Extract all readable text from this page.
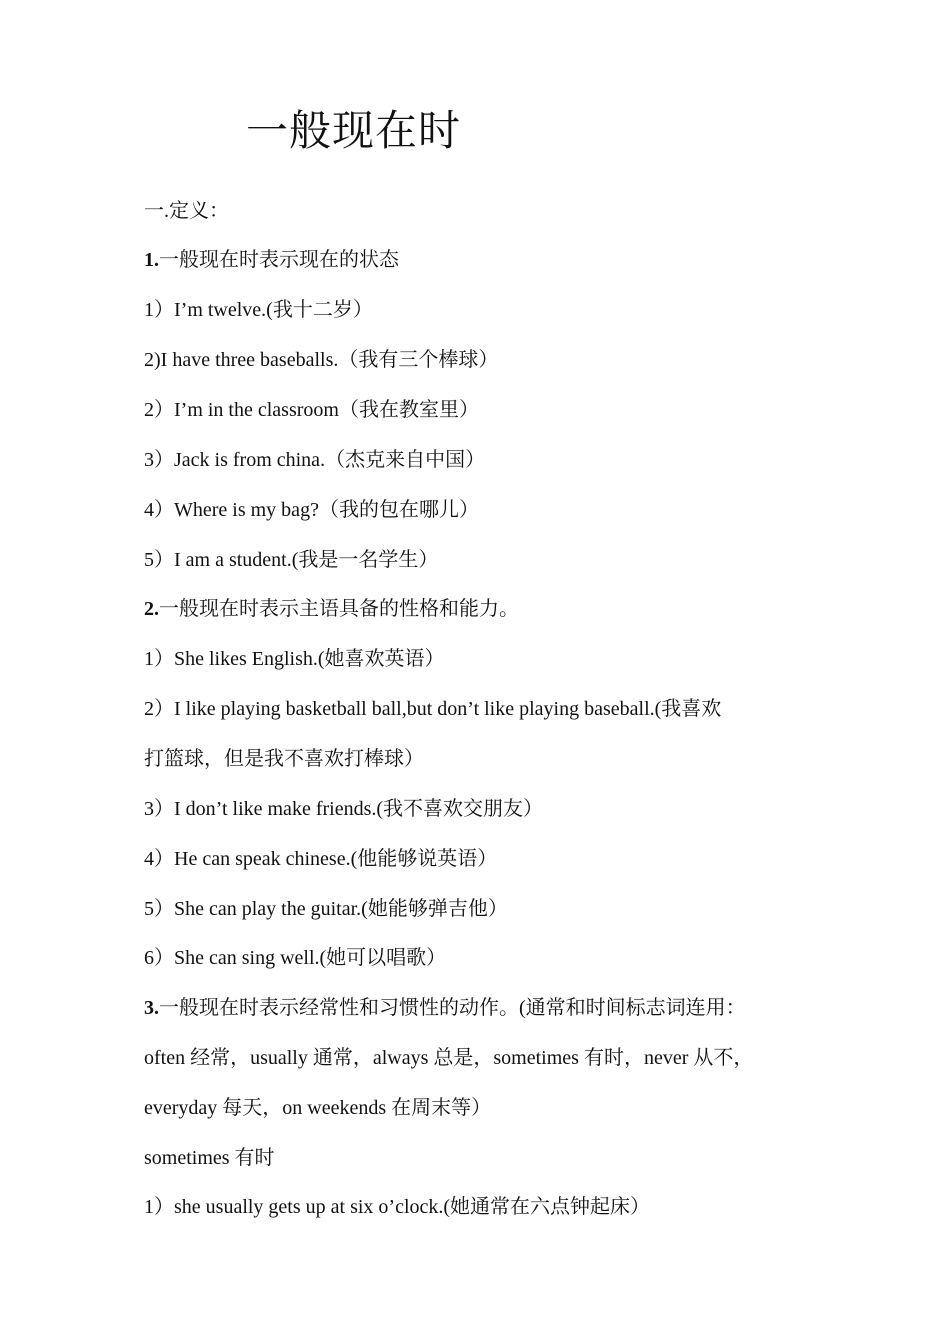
一般现在时
一.定义：
1.一般现在时表示现在的状态
1）I’m twelve.(我十二岁）
2)I have three baseballs.（我有三个棒球）
2）I’m in the classroom（我在教室里）
3）Jack is from china.（杰克来自中国）
4）Where is my bag?（我的包在哪儿）
5）I am a student.(我是一名学生）
2.一般现在时表示主语具备的性格和能力。
1）She likes English.(她喜欢英语）
2）I like playing basketball ball,but don’t like playing baseball.(我喜欢
打篮球，但是我不喜欢打棒球）
3）I don’t like make friends.(我不喜欢交朋友）
4）He can speak chinese.(他能够说英语）
5）She can play the guitar.(她能够弹吉他）
6）She can sing well.(她可以唱歌）
3.一般现在时表示经常性和习惯性的动作。(通常和时间标志词连用：
often 经常，usually 通常，always 总是，sometimes 有时，never 从不，
everyday 每天，on weekends 在周末等）
sometimes 有时
1）she usually gets up at six o’clock.(她通常在六点钟起床）
